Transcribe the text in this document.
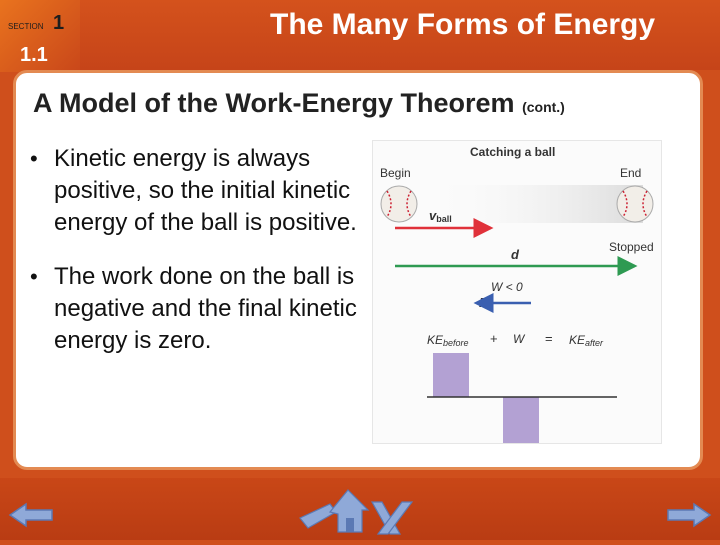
SECTION 1
1.1
The Many Forms of Energy
A Model of the Work-Energy Theorem (cont.)
• Kinetic energy is always positive, so the initial kinetic energy of the ball is positive.
• The work done on the ball is negative and the final kinetic energy is zero.
Catching a ball
Begin	End
vball
Stopped
d
W < 0
F
KEbefore + W = KEafter
